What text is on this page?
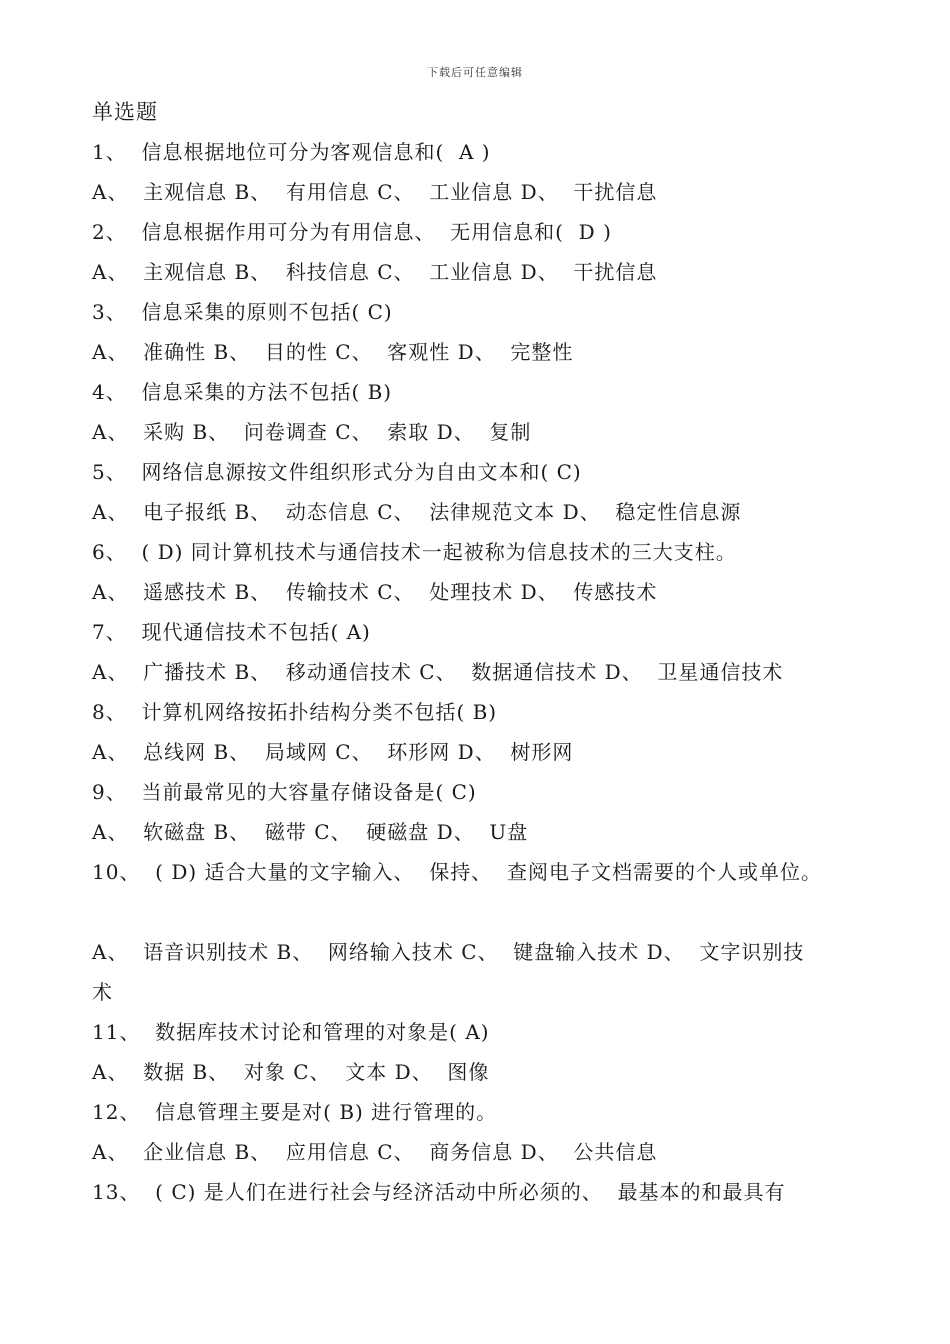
下载后可任意编辑
单选题
1、  信息根据地位可分为客观信息和(  A )
A、  主观信息 B、  有用信息 C、  工业信息 D、  干扰信息
2、  信息根据作用可分为有用信息、  无用信息和(  D )
A、  主观信息 B、  科技信息 C、  工业信息 D、  干扰信息
3、  信息采集的原则不包括( C)
A、  准确性 B、  目的性 C、  客观性 D、  完整性
4、  信息采集的方法不包括( B)
A、  采购 B、  问卷调查 C、  索取 D、  复制
5、  网络信息源按文件组织形式分为自由文本和( C)
A、  电子报纸 B、  动态信息 C、  法律规范文本 D、  稳定性信息源
6、  ( D) 同计算机技术与通信技术一起被称为信息技术的三大支柱。
A、  遥感技术 B、  传输技术 C、  处理技术 D、  传感技术
7、  现代通信技术不包括( A)
A、  广播技术 B、  移动通信技术 C、  数据通信技术 D、  卫星通信技术
8、  计算机网络按拓扑结构分类不包括( B)
A、  总线网 B、  局域网 C、  环形网 D、  树形网
9、  当前最常见的大容量存储设备是( C)
A、  软磁盘 B、  磁带 C、  硬磁盘 D、  U盘
10、  ( D) 适合大量的文字输入、  保持、  查阅电子文档需要的个人或单位。
A、  语音识别技术 B、  网络输入技术 C、  键盘输入技术 D、  文字识别技
术
11、  数据库技术讨论和管理的对象是( A)
A、  数据 B、  对象 C、  文本 D、  图像
12、  信息管理主要是对( B) 进行管理的。
A、  企业信息 B、  应用信息 C、  商务信息 D、  公共信息
13、  ( C) 是人们在进行社会与经济活动中所必须的、  最基本的和最具有
